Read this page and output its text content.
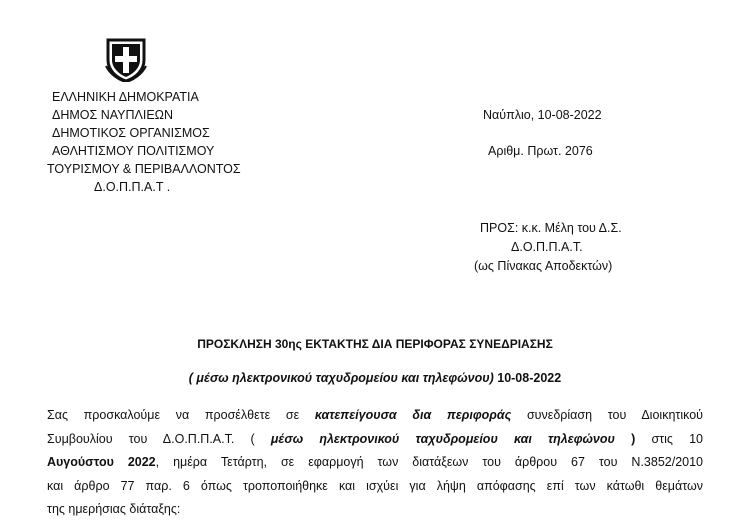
ΕΛΛΗΝΙΚΗ ΔΗΜΟΚΡΑΤΙΑ
ΔΗΜΟΣ ΝΑΥΠΛΙΕΩΝ
ΔΗΜΟΤΙΚΟΣ ΟΡΓΑΝΙΣΜΟΣ
ΑΘΛΗΤΙΣΜΟΥ ΠΟΛΙΤΙΣΜΟΥ
ΤΟΥΡΙΣΜΟΥ & ΠΕΡΙΒΑΛΛΟΝΤΟΣ
Δ.Ο.Π.Π.Α.Τ .
Ναύπλιο, 10-08-2022
Αριθμ. Πρωτ. 2076
ΠΡΟΣ: κ.κ. Μέλη του Δ.Σ.
Δ.Ο.Π.Π.Α.Τ.
(ως Πίνακας Αποδεκτών)
ΠΡΟΣΚΛΗΣΗ 30ης ΕΚΤΑΚΤΗΣ ΔΙΑ ΠΕΡΙΦΟΡΑΣ ΣΥΝΕΔΡΙΑΣΗΣ
( μέσω ηλεκτρονικού ταχυδρομείου και τηλεφώνου) 10-08-2022
Σας προσκαλούμε να προσέλθετε σε κατεπείγουσα δια περιφοράς συνεδρίαση του Διοικητικού
Συμβουλίου του Δ.Ο.Π.Π.Α.Τ. ( μέσω ηλεκτρονικού ταχυδρομείου και τηλεφώνου ) στις 10
Αυγούστου 2022, ημέρα Τετάρτη, σε εφαρμογή των διατάξεων του άρθρου 67 του Ν.3852/2010
και άρθρο 77 παρ. 6 όπως τροποποιήθηκε και ισχύει για λήψη απόφασης επί των κάτωθι θεμάτων
της ημερήσιας διάταξης:
